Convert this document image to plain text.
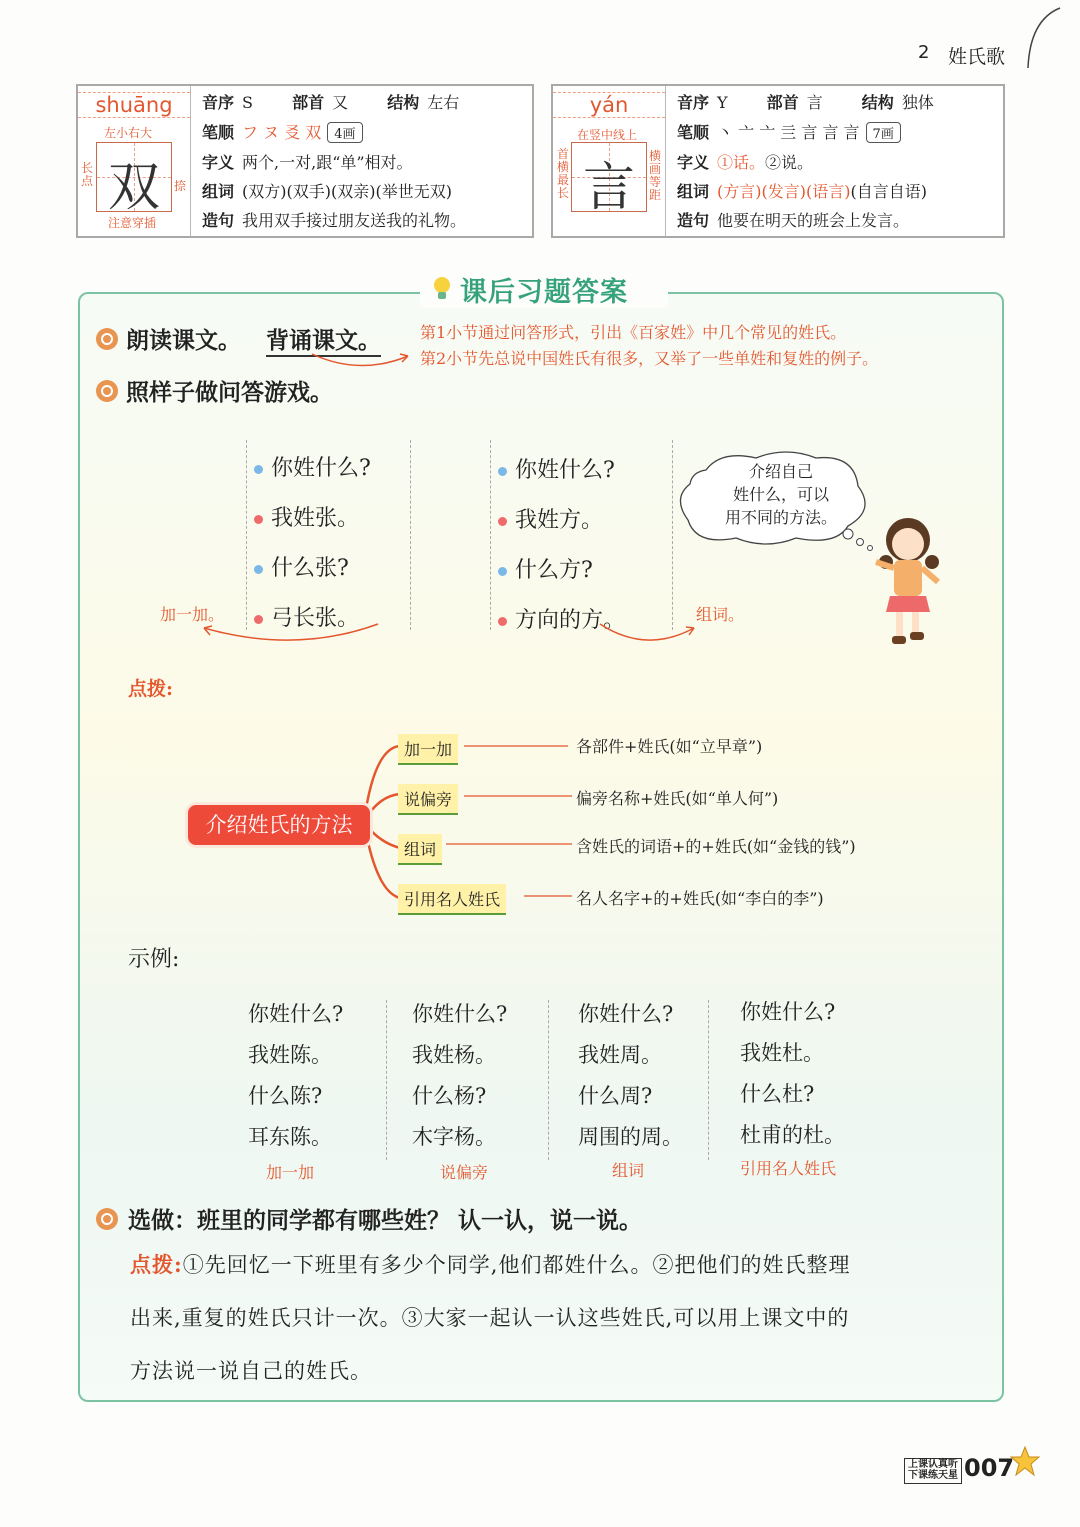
2 姓氏歌
shuāng
左小右大
长点 双	捺
注意穿插
音序 S 部首 又 结构 左右
笔顺 フ ヌ 㕛 双 4画
字义 两个,一对,跟“单”相对。
组词 (双方)(双手)(双亲)(举世无双)
造句 我用双手接过朋友送我的礼物。
yán
在竖中线上
首横最长 言
横画等距
音序 Y 部首 言 结构 独体
笔顺 丶 亠 亠 亖 言 言 言 7画
字义 ①话。②说。
组词 (方言)(发言)(语言)(自言自语)
造句 他要在明天的班会上发言。
课后习题答案
朗读课文。 背诵课文。 第1小节通过问答形式，引出《百家姓》中几个常见的姓氏。
第2小节先总说中国姓氏有很多，又举了一些单姓和复姓的例子。
照样子做问答游戏。
你姓什么?
我姓张。
什么张?
弓长张。
加一加。
你姓什么?
我姓方。
什么方?
方向的方。	组词。
介绍自己
姓什么，可以
用不同的方法。
点拨:
介绍姓氏的方法
加一加
说偏旁
组词
引用名人姓氏
各部件+姓氏(如“立早章”)
偏旁名称+姓氏(如“单人何”)
含姓氏的词语+的+姓氏(如“金钱的钱”)
名人名字+的+姓氏(如“李白的李”)
示例:
你姓什么?
我姓陈。
什么陈?
耳东陈。
加一加
你姓什么?
我姓杨。
什么杨?
木字杨。
说偏旁
你姓什么?
我姓周。
什么周?
周围的周。
组词
你姓什么?
我姓杜。
什么杜?
杜甫的杜。
引用名人姓氏
选做：班里的同学都有哪些姓？ 认一认，说一说。
点拨:①先回忆一下班里有多少个同学,他们都姓什么。②把他们的姓氏整理
出来,重复的姓氏只计一次。③大家一起认一认这些姓氏,可以用上课文中的
方法说一说自己的姓氏。
上课认真听
下课练天星 007
